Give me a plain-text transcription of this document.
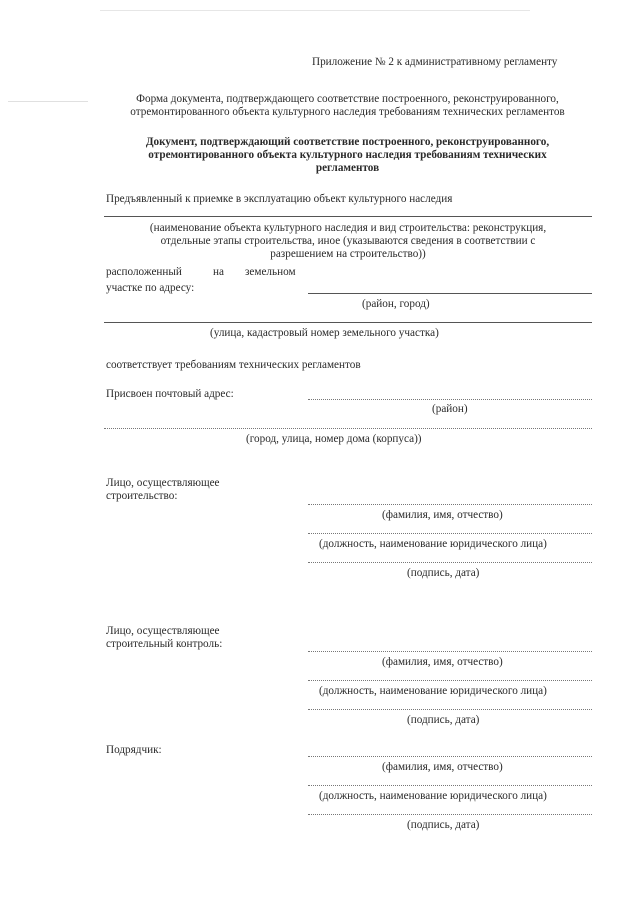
Приложение № 2 к административному регламенту
Форма документа, подтверждающего соответствие построенного, реконструированного,
отремонтированного объекта культурного наследия требованиям технических регламентов
Документ, подтверждающий соответствие построенного, реконструированного,
отремонтированного объекта культурного наследия требованиям технических
регламентов
Предъявленный к приемке в эксплуатацию объект культурного наследия
(наименование объекта культурного наследия и вид строительства: реконструкция,
отдельные этапы строительства, иное (указываются сведения в соответствии с
разрешением на строительство))
расположенный	на земельном
участке по адресу:
(район, город)
(улица, кадастровый номер земельного участка)
соответствует требованиям технических регламентов
Присвоен почтовый адрес:
(район)
(город, улица, номер дома (корпуса))
Лицо, осуществляющее
строительство:
(фамилия, имя, отчество)
(должность, наименование юридического лица)
(подпись, дата)
Лицо, осуществляющее
строительный контроль:
(фамилия, имя, отчество)
(должность, наименование юридического лица)
(подпись, дата)
Подрядчик:
(фамилия, имя, отчество)
(должность, наименование юридического лица)
(подпись, дата)
